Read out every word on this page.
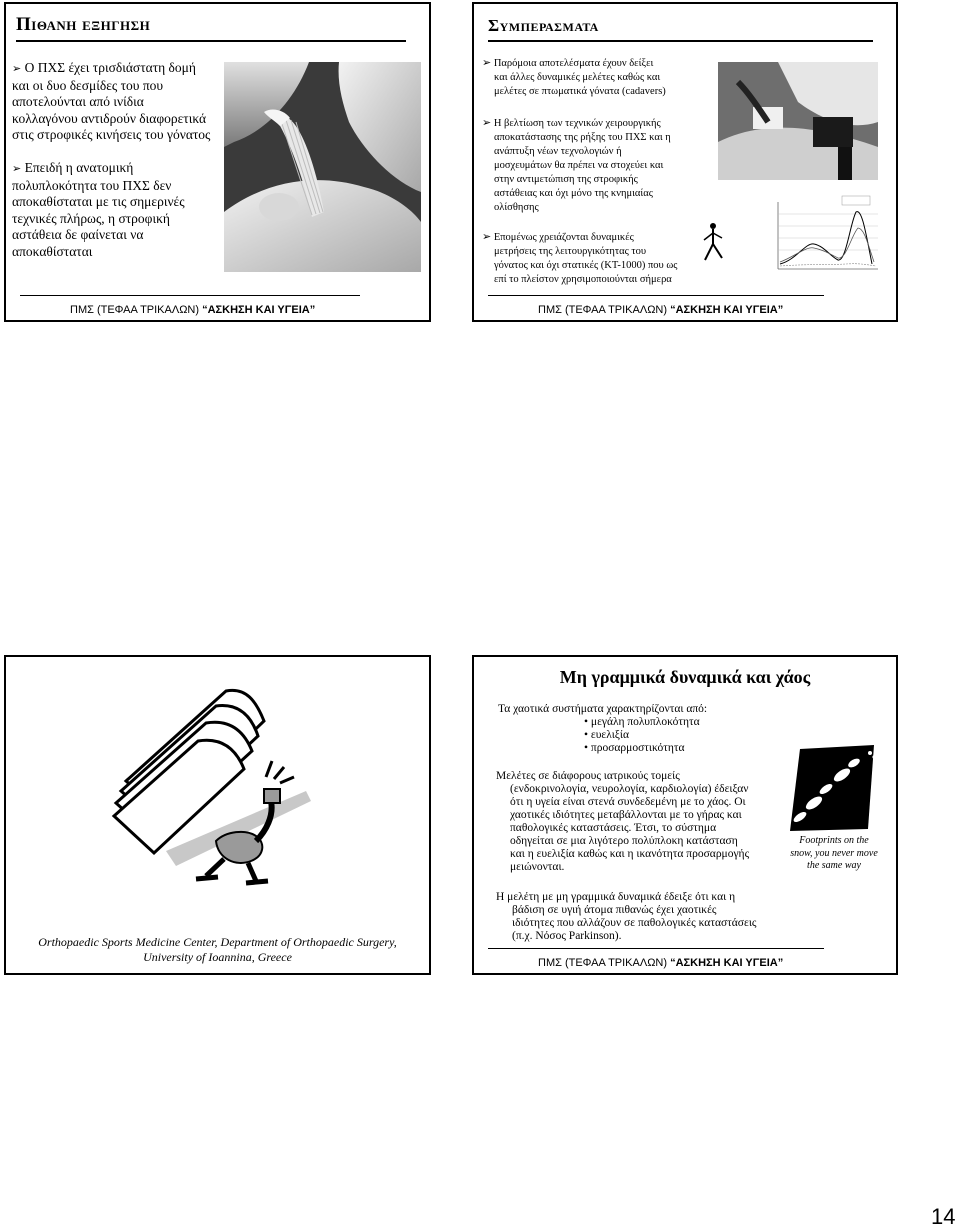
Πιθανη εξηγηση
➢ Ο ΠΧΣ έχει τρισδιάστατη δομή
και οι δυο δεσμίδες του που
αποτελούνται από ινίδια
κολλαγόνου αντιδρούν διαφορετικά
στις στροφικές κινήσεις του γόνατος
➢ Επειδή η ανατομική
πολυπλοκότητα του ΠΧΣ δεν
αποκαθίσταται με τις σημερινές
τεχνικές πλήρως, η στροφική
αστάθεια δε φαίνεται να
αποκαθίσταται
ΠΜΣ (ΤΕΦΑΑ ΤΡΙΚΑΛΩΝ) “ΑΣΚΗΣΗ ΚΑΙ ΥΓΕΙΑ”
Συμπερασματα
➢ Παρόμοια αποτελέσματα έχουν δείξει
και άλλες δυναμικές μελέτες καθώς και
μελέτες σε πτωματικά γόνατα (cadavers)
➢ Η βελτίωση των τεχνικών χειρουργικής
αποκατάστασης της ρήξης του ΠΧΣ και η
ανάπτυξη νέων τεχνολογιών ή
μοσχευμάτων θα πρέπει να στοχεύει και
στην αντιμετώπιση της στροφικής
αστάθειας και όχι μόνο της κνημιαίας
ολίσθησης
➢ Επομένως χρειάζονται δυναμικές
μετρήσεις της λειτουργικότητας του
γόνατος και όχι στατικές (KT-1000) που ως
επί το πλείστον χρησιμοποιούνται σήμερα
ΠΜΣ (ΤΕΦΑΑ ΤΡΙΚΑΛΩΝ) “ΑΣΚΗΣΗ ΚΑΙ ΥΓΕΙΑ”
Orthopaedic Sports Medicine Center, Department of Orthopaedic Surgery,
University of Ioannina, Greece
Μη γραμμικά δυναμικά και χάος
Τα χαοτικά συστήματα χαρακτηρίζονται από:
• μεγάλη πολυπλοκότητα
• ευελιξία
• προσαρμοστικότητα
Μελέτες σε διάφορους ιατρικούς τομείς
(ενδοκρινολογία, νευρολογία, καρδιολογία) έδειξαν
ότι η υγεία είναι στενά συνδεδεμένη με το χάος. Οι
χαοτικές ιδιότητες μεταβάλλονται με το γήρας και
παθολογικές καταστάσεις. Έτσι, το σύστημα
οδηγείται σε μια λιγότερο πολύπλοκη κατάσταση
και η ευελιξία καθώς και η ικανότητα προσαρμογής
μειώνονται.
Η μελέτη με μη γραμμικά δυναμικά έδειξε ότι και η
βάδιση σε υγιή άτομα πιθανώς έχει χαοτικές
ιδιότητες που αλλάζουν σε παθολογικές καταστάσεις
(π.χ. Νόσος Parkinson).
Footprints on the
snow, you never move
the same way
ΠΜΣ (ΤΕΦΑΑ ΤΡΙΚΑΛΩΝ) “ΑΣΚΗΣΗ ΚΑΙ ΥΓΕΙΑ”
14
